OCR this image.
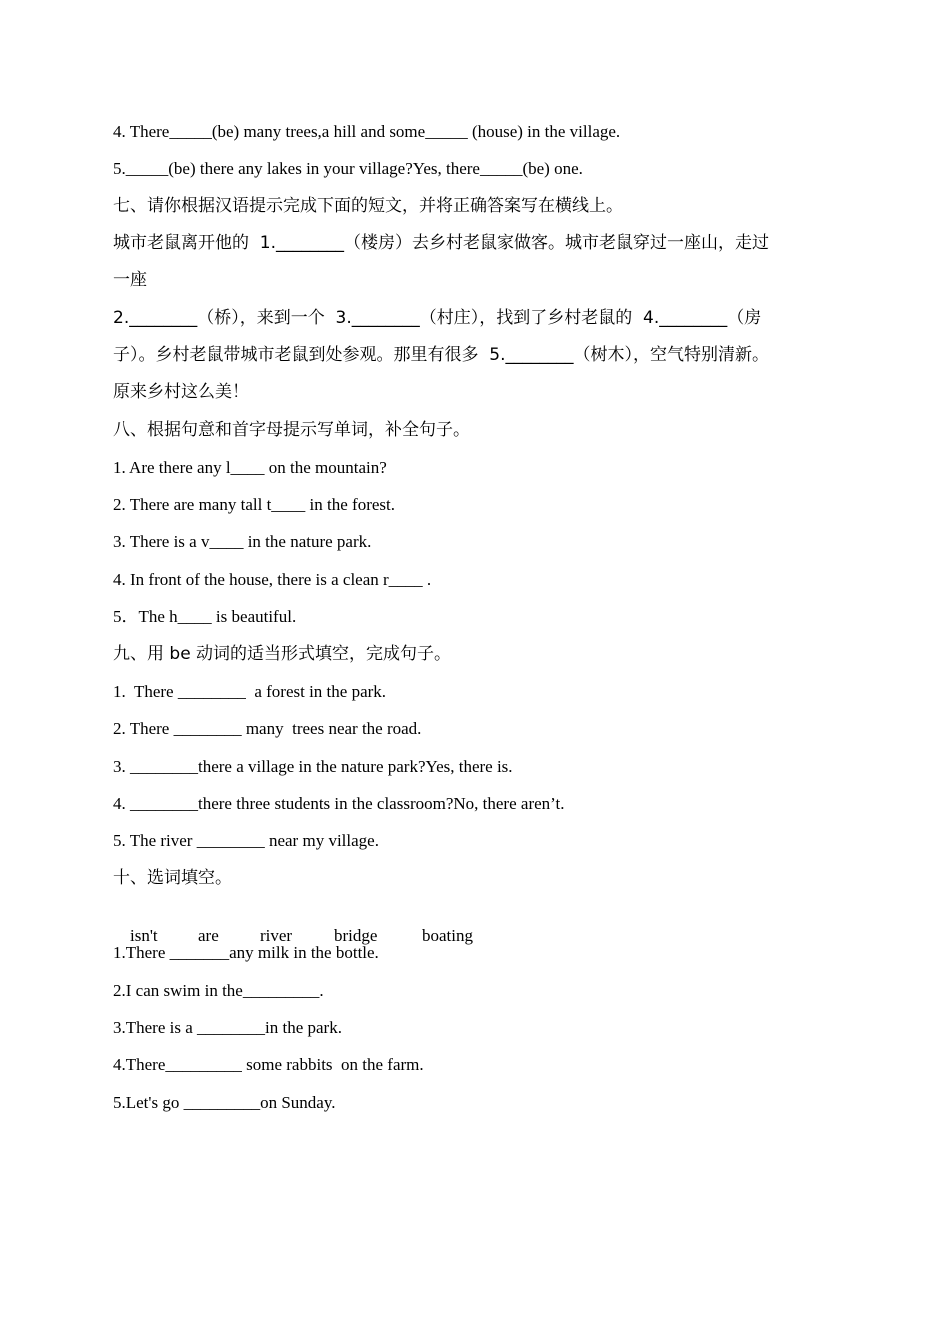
4. There_____(be) many trees,a hill and some_____ (house) in the village.
5._____(be) there any lakes in your village?Yes, there_____(be) one.
七、请你根据汉语提示完成下面的短文，并将正确答案写在横线上。
城市老鼠离开他的  1.________（楼房）去乡村老鼠家做客。城市老鼠穿过一座山，走过
一座
2.________（桥），来到一个  3.________（村庄），找到了乡村老鼠的  4.________（房
子）。乡村老鼠带城市老鼠到处参观。那里有很多  5.________（树木），空气特别清新。
原来乡村这么美！
八、根据句意和首字母提示写单词，补全句子。
1. Are there any l____ on the mountain?
2. There are many tall t____ in the forest.
3. There is a v____ in the nature park.
4. In front of the house, there is a clean r____ .
5．The h____ is beautiful.
九、用 be 动词的适当形式填空，完成句子。
1.  There ________  a forest in the park.
2. There ________ many  trees near the road.
3. ________there a village in the nature park?Yes, there is.
4. ________there three students in the classroom?No, there aren’t.
5. The river ________ near my village.
十、选词填空。

isn't are river bridge	boating

1.There _______any milk in the bottle.
2.I can swim in the_________.
3.There is a ________in the park.
4.There_________ some rabbits  on the farm.
5.Let's go _________on Sunday.
